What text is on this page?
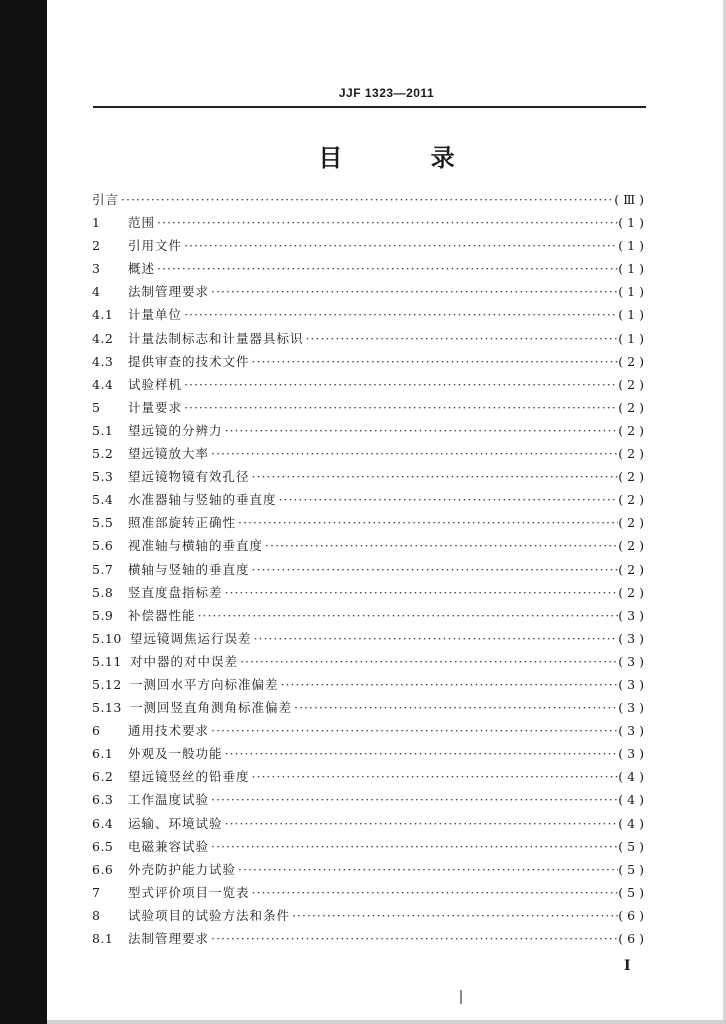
JJF 1323—2011
目 录
引言 ·····	(Ⅲ)
1	范围 ·····	(1)
2	引用文件 ·····	(1)
3	概述 ·····	(1)
4	法制管理要求 ·····	(1)
4.1	计量单位 ·····	(1)
4.2	计量法制标志和计量器具标识 ·····	(1)
4.3	提供审查的技术文件 ·····	(2)
4.4	试验样机 ·····	(2)
5	计量要求 ·····	(2)
5.1	望远镜的分辨力 ·····	(2)
5.2	望远镜放大率 ·····	(2)
5.3	望远镜物镜有效孔径 ·····	(2)
5.4	水准器轴与竖轴的垂直度 ·····	(2)
5.5	照准部旋转正确性 ·····	(2)
5.6	视准轴与横轴的垂直度 ·····	(2)
5.7	横轴与竖轴的垂直度 ·····	(2)
5.8	竖直度盘指标差 ·····	(2)
5.9	补偿器性能 ·····	(3)
5.10 望远镜调焦运行误差 ·····	(3)
5.11 对中器的对中误差 ·····	(3)
5.12 一测回水平方向标准偏差 ·····	(3)
5.13 一测回竖直角测角标准偏差 ·····	(3)
6	通用技术要求 ·····	(3)
6.1	外观及一般功能 ·····	(3)
6.2	望远镜竖丝的铅垂度 ·····	(4)
6.3	工作温度试验 ·····	(4)
6.4	运输、环境试验 ·····	(4)
6.5	电磁兼容试验 ·····	(5)
6.6	外壳防护能力试验 ·····	(5)
7	型式评价项目一览表 ·····	(5)
8	试验项目的试验方法和条件 ·····	(6)
8.1	法制管理要求 ·····	(6)
I
